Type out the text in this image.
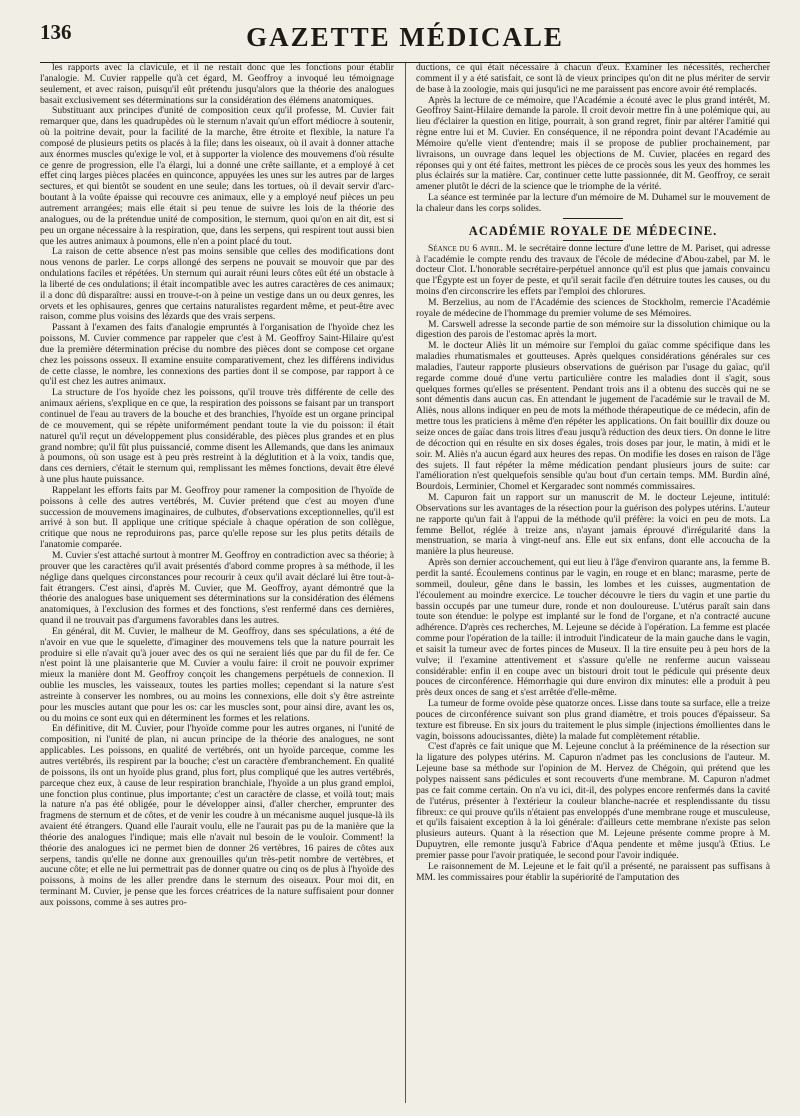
136	GAZETTE MÉDICALE

les rapports avec la clavicule, et il ne restait donc que les fonctions pour établir l'analogie. M. Cuvier rappelle qu'à cet égard, M. Geoffroy a invoqué leu témoignage seulement, et avec raison, puisqu'il eût prétendu jusqu'alors que la théorie des analogues basait exclusivement ses déterminations sur la considération des élémens anatomiques.

Substituant aux principes d'unité de composition ceux qu'il professe, M. Cuvier fait remarquer que, dans les quadrupèdes où le sternum n'avait qu'un effort médiocre à soutenir, où la poitrine devait, pour la facilité de la marche, être étroite et flexible, la nature l'a composé de plusieurs petits os placés à la file; dans les oiseaux, où il avait à donner attache aux énormes muscles qu'exige le vol, et à supporter la violence des mouvemens d'où résulte ce genre de progression, elle l'a élargi, lui a donné une crête saillante, et a employé à cet effet cinq larges pièces placées en quinconce, appuyées les unes sur les autres par de larges sectures, et qui bientôt se soudent en une seule; dans les tortues, où il devait servir d'arc-boutant à la voûte épaisse qui recouvre ces animaux, elle y a employé neuf pièces un peu autrement arrangées; mais elle était si peu tenue de suivre les lois de la théorie des analogues, ou de la prétendue unité de composition, le sternum, quoi qu'on en ait dit, est si peu un organe nécessaire à la respiration, que, dans les serpens, qui respirent tout aussi bien que les autres animaux à poumons, elle n'en a point placé du tout.

La raison de cette absence n'est pas moins sensible que celles des modifications dont nous venons de parler. Le corps allongé des serpens ne pouvait se mouvoir que par des ondulations faciles et répétées. Un sternum qui aurait réuni leurs côtes eût été un obstacle à la liberté de ces ondulations; il était incompatible avec les autres caractères de ces animaux; il a donc dû disparaître: aussi en trouve-t-on à peine un vestige dans un ou deux genres, les orvets et les ophisaures, genres que certains naturalistes regardent même, et peut-être avec raison, comme plus voisins des lézards que des vrais serpens.

Passant à l'examen des faits d'analogie empruntés à l'organisation de l'hyoïde chez les poissons, M. Cuvier commence par rappeler que c'est à M. Geoffroy Saint-Hilaire qu'est due la première détermination précise du nombre des pièces dont se compose cet organe chez les poissons osseux. Il examine ensuite comparativement, chez les différens individus de cette classe, le nombre, les connexions des parties dont il se compose, par rapport à ce qu'il est chez les autres animaux.

La structure de l'os hyoïde chez les poissons, qu'il trouve très différente de celle des animaux aériens, s'explique en ce que, la respiration des poissons se faisant par un transport continuel de l'eau au travers de la bouche et des branchies, l'hyoïde est un organe principal de ce mouvement, qui se répète uniformément pendant toute la vie du poisson: il était naturel qu'il reçut un développement plus considérable, des pièces plus grandes et en plus grand nombre; qu'il fût plus puissancié, comme disent les Allemands, que dans les animaux à poumons, où son usage est à peu près restreint à la déglutition et à la voix, tandis que, dans ces derniers, c'était le sternum qui, remplissant les mêmes fonctions, devait être élevé à une plus haute puissance.

Rappelant les efforts faits par M. Geoffroy pour ramener la composition de l'hyoïde de poissons à celle des autres vertébrés, M. Cuvier prétend que c'est au moyen d'une succession de mouvemens imaginaires, de culbutes, d'observations exceptionnelles, qu'il est arrivé à son but. Il applique une critique spéciale à chaque opération de son collègue, critique que nous ne reproduirons pas, parce qu'elle repose sur les plus petits détails de l'anatomie comparée.

M. Cuvier s'est attaché surtout à montrer M. Geoffroy en contradiction avec sa théorie; à prouver que les caractères qu'il avait présentés d'abord comme propres à sa méthode, il les néglige dans quelques circonstances pour recourir à ceux qu'il avait déclaré lui être tout-à-fait étrangers. C'est ainsi, d'après M. Cuvier, que M. Geoffroy, ayant démontré que la théorie des analogues base uniquement ses déterminations sur la considération des élémens anatomiques, à l'exclusion des formes et des fonctions, s'est renfermé dans ces dernières, quand il ne trouvait pas d'argumens favorables dans les autres.

En général, dit M. Cuvier, le malheur de M. Geoffroy, dans ses spéculations, a été de n'avoir en vue que le squelette, d'imaginer des mouvemens tels que la nature pourrait les produire si elle n'avait qu'à jouer avec des os qui ne seraient liés que par du fil de fer. Ce n'est point là une plaisanterie que M. Cuvier a voulu faire: il croit ne pouvoir exprimer mieux la manière dont M. Geoffroy conçoit les changemens perpétuels de connexion. Il oublie les muscles, les vaisseaux, toutes les parties molles; cependant si la nature s'est astreinte à conserver les nombres, ou au moins les connexions, elle doit s'y être astreinte pour les muscles autant que pour les os: car les muscles sont, pour ainsi dire, avant les os, ou du moins ce sont eux qui en déterminent les formes et les relations.

En définitive, dit M. Cuvier, pour l'hyoïde comme pour les autres organes, ni l'unité de composition, ni l'unité de plan, ni aucun principe de la théorie des analogues, ne sont applicables. Les poissons, en qualité de vertébrés, ont un hyoïde parceque, comme les autres vertébrés, ils respirent par la bouche; c'est un caractère d'embranchement. En qualité de poissons, ils ont un hyoïde plus grand, plus fort, plus compliqué que les autres vertébrés, parceque chez eux, à cause de leur respiration branchiale, l'hyoïde a un plus grand emploi, une fonction plus continue, plus importante; c'est un caractère de classe, et voilà tout; mais la nature n'a pas été obligée, pour le développer ainsi, d'aller chercher, emprunter des fragmens de sternum et de côtes, et de venir les coudre à un mécanisme auquel jusque-là ils avaient été étrangers. Quand elle l'aurait voulu, elle ne l'aurait pas pu de la manière que la théorie des analogues l'indique; mais elle n'avait nul besoin de le vouloir. Comment! la théorie des analogues ici ne permet bien de donner 26 vertèbres, 16 paires de côtes aux serpens, tandis qu'elle ne donne aux grenouilles qu'un très-petit nombre de vertèbres, et aucune côte; et elle ne lui permettrait pas de donner quatre ou cinq os de plus à l'hyoïde des poissons, à moins de les aller prendre dans le sternum des oiseaux. Pour moi dit, en terminant M. Cuvier, je pense que les forces créatrices de la nature suffisaient pour donner aux poissons, comme à ses autres pro-

ductions, ce qui était nécessaire à chacun d'eux. Examiner les nécessités, rechercher comment il y a été satisfait, ce sont là de vieux principes qu'on dit ne plus mériter de servir de base à la zoologie, mais qui jusqu'ici ne me paraissent pas encore avoir été remplacés.

Après la lecture de ce mémoire, que l'Académie a écouté avec le plus grand intérêt, M. Geoffroy Saint-Hilaire demande la parole. Il croit devoir mettre fin à une polémique qui, au lieu d'éclairer la question en litige, pourrait, à son grand regret, finir par altérer l'amitié qui règne entre lui et M. Cuvier. En conséquence, il ne répondra point devant l'Académie au Mémoire qu'elle vient d'entendre; mais il se propose de publier prochainement, par livraisons, un ouvrage dans lequel les objections de M. Cuvier, placées en regard des réponses qui y ont été faites, mettront les pièces de ce procès sous les yeux des hommes les plus éclairés sur la matière. Car, continuer cette lutte passionnée, dit M. Geoffroy, ce serait amener plutôt le décri de la science que le triomphe de la vérité.

La séance est terminée par la lecture d'un mémoire de M. Duhamel sur le mouvement de la chaleur dans les corps solides.

ACADÉMIE ROYALE DE MÉDECINE.

Séance du 6 avril. M. le secrétaire donne lecture d'une lettre de M. Pariset, qui adresse à l'académie le compte rendu des travaux de l'école de médecine d'Abou-zabel, par M. le docteur Clot. L'honorable secrétaire-perpétuel annonce qu'il est plus que jamais convaincu que l'Égypte est un foyer de peste, et qu'il serait facile d'en détruire toutes les causes, ou du moins d'en circonscrire les effets par l'emploi des chlorures.

M. Berzelius, au nom de l'Académie des sciences de Stockholm, remercie l'Académie royale de médecine de l'hommage du premier volume de ses Mémoires.

M. Carswell adresse la seconde partie de son mémoire sur la dissolution chimique ou la digestion des parois de l'estomac après la mort.

M. le docteur Aliès lit un mémoire sur l'emploi du gaïac comme spécifique dans les maladies rhumatismales et goutteuses. Après quelques considérations générales sur ces maladies, l'auteur rapporte plusieurs observations de guérison par l'usage du gaïac, qu'il regarde comme doué d'une vertu particulière contre les maladies dont il s'agit, sous quelques formes qu'elles se présentent. Pendant trois ans il a obtenu des succès qui ne se sont démentis dans aucun cas. En attendant le jugement de l'académie sur le travail de M. Aliès, nous allons indiquer en peu de mots la méthode thérapeutique de ce médecin, afin de mettre tous les praticiens à même d'en répéter les applications. On fait bouillir dix douze ou seize onces de gaïac dans trois litres d'eau jusqu'à réduction des deux tiers. On donne le litre de décoction qui en résulte en six doses égales, trois doses par jour, le matin, à midi et le soir. M. Aliès n'a aucun égard aux heures des repas. On modifie les doses en raison de l'âge des sujets. Il faut répéter la même médication pendant plusieurs jours de suite: car l'amélioration n'est quelquefois sensible qu'au bout d'un certain temps. MM. Burdin aîné, Bourdois, Lerminier, Chomel et Kergaradec sont nommés commissaires.

M. Capuron fait un rapport sur un manuscrit de M. le docteur Lejeune, intitulé: Observations sur les avantages de la résection pour la guérison des polypes utérins. L'auteur ne rapporte qu'un fait à l'appui de la méthode qu'il préfère: la voici en peu de mots. La femme Bellot, réglée à treize ans, n'ayant jamais éprouvé d'irrégularité dans la menstruation, se maria à vingt-neuf ans. Elle eut six enfans, dont elle accoucha de la manière la plus heureuse.

Après son dernier accouchement, qui eut lieu à l'âge d'environ quarante ans, la femme B. perdit la santé. Écoulemens continus par le vagin, en rouge et en blanc; marasme, perte de sommeil, douleur, gêne dans le bassin, les lombes et les cuisses, augmentation de l'écoulement au moindre exercice. Le toucher découvre le tiers du vagin et une partie du bassin occupés par une tumeur dure, ronde et non douloureuse. L'utérus paraît sain dans toute son étendue: le polype est implanté sur le fond de l'organe, et n'a contracté aucune adhérence. D'après ces recherches, M. Lejeune se décide à l'opération. La femme est placée comme pour l'opération de la taille: il introduit l'indicateur de la main gauche dans le vagin, et saisit la tumeur avec de fortes pinces de Museux. Il la tire ensuite peu à peu hors de la vulve; il l'examine attentivement et s'assure qu'elle ne renferme aucun vaisseau considérable: enfin il en coupe avec un bistouri droit tout le pédicule qui présente deux pouces de circonférence. Hémorrhagie qui dure environ dix minutes: elle a produit à peu près deux onces de sang et s'est arrêtée d'elle-même.

La tumeur de forme ovoïde pèse quatorze onces. Lisse dans toute sa surface, elle a treize pouces de circonférence suivant son plus grand diamètre, et trois pouces d'épaisseur. Sa texture est fibreuse. En six jours du traitement le plus simple (injections émollientes dans le vagin, boissons adoucissantes, diète) la malade fut complètement rétablie.

C'est d'après ce fait unique que M. Lejeune conclut à la prééminence de la résection sur la ligature des polypes utérins. M. Capuron n'admet pas les conclusions de l'auteur. M. Lejeune base sa méthode sur l'opinion de M. Hervez de Chégoin, qui prétend que les polypes naissent sans pédicules et sont recouverts d'une membrane. M. Capuron n'admet pas ce fait comme certain. On n'a vu ici, dit-il, des polypes encore renfermés dans la cavité de l'utérus, présenter à l'extérieur la couleur blanche-nacrée et resplendissante du tissu fibreux: ce qui prouve qu'ils n'étaient pas enveloppés d'une membrane rouge et musculeuse, et qu'ils faisaient exception à la loi générale: d'ailleurs cette membrane n'existe pas selon plusieurs auteurs. Quant à la résection que M. Lejeune présente comme propre à M. Dupuytren, elle remonte jusqu'à Fabrice d'Aqua pendente et même jusqu'à Œtius. Le premier passe pour l'avoir pratiquée, le second pour l'avoir indiquée.

Le raisonnement de M. Lejeune et le fait qu'il a présenté, ne paraissent pas suffisans à MM. les commissaires pour établir la supériorité de l'amputation des
